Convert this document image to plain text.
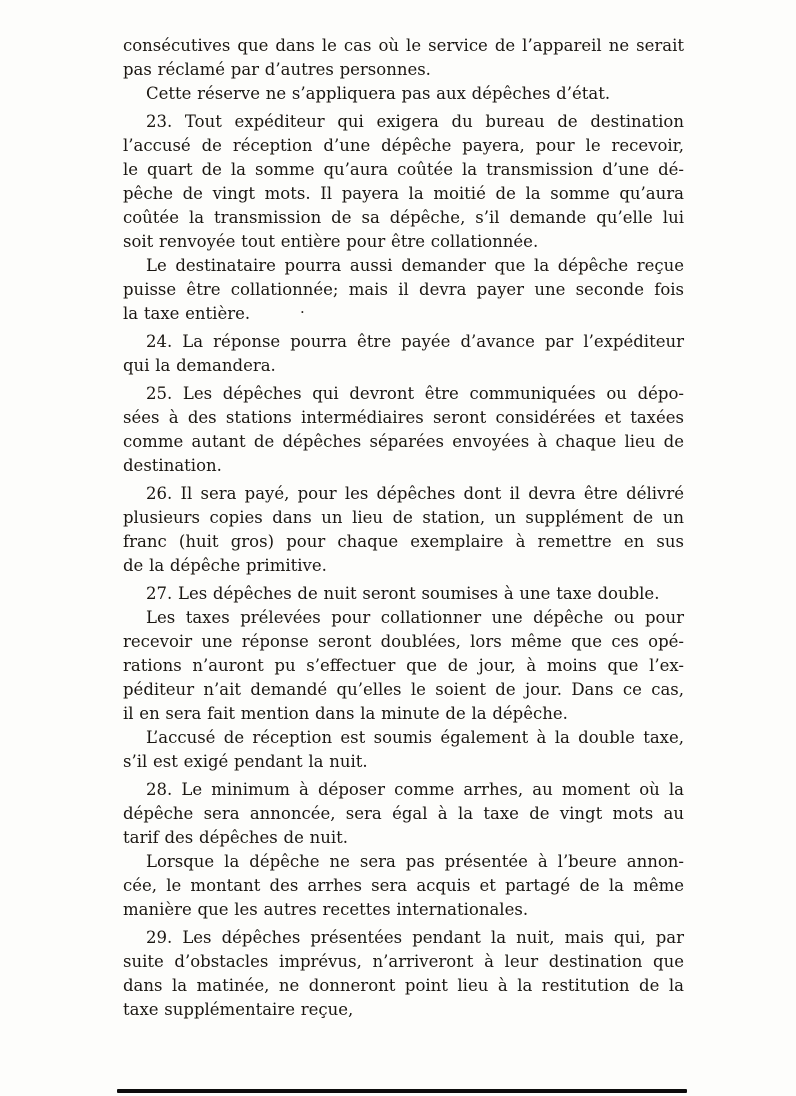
consécutives que dans le cas où le service de l’appareil ne serait
pas réclamé par d’autres personnes.
Cette réserve ne s’appliquera pas aux dépêches d’état.
23. Tout expéditeur qui exigera du bureau de destination
l’accusé de réception d’une dépêche payera, pour le recevoir,
le quart de la somme qu’aura coûtée la transmission d’une dé-
pêche de vingt mots. Il payera la moitié de la somme qu’aura
coûtée la transmission de sa dépêche, s’il demande qu’elle lui
soit renvoyée tout entière pour être collationnée.
Le destinataire pourra aussi demander que la dépêche reçue
puisse être collationnée; mais il devra payer une seconde fois
la taxe entière.
24. La réponse pourra être payée d’avance par l’expéditeur
qui la demandera.
25. Les dépêches qui devront être communiquées ou dépo-
sées à des stations intermédiaires seront considérées et taxées
comme autant de dépêches séparées envoyées à chaque lieu de
destination.
26. Il sera payé, pour les dépêches dont il devra être délivré
plusieurs copies dans un lieu de station, un supplément de un
franc (huit gros) pour chaque exemplaire à remettre en sus
de la dépêche primitive.
27. Les dépêches de nuit seront soumises à une taxe double.
Les taxes prélevées pour collationner une dépêche ou pour
recevoir une réponse seront doublées, lors même que ces opé-
rations n’auront pu s’effectuer que de jour, à moins que l’ex-
péditeur n’ait demandé qu’elles le soient de jour. Dans ce cas,
il en sera fait mention dans la minute de la dépêche.
L’accusé de réception est soumis également à la double taxe,
s’il est exigé pendant la nuit.
28. Le minimum à déposer comme arrhes, au moment où la
dépêche sera annoncée, sera égal à la taxe de vingt mots au
tarif des dépêches de nuit.
Lorsque la dépêche ne sera pas présentée à l’beure annon-
cée, le montant des arrhes sera acquis et partagé de la même
manière que les autres recettes internationales.
29. Les dépêches présentées pendant la nuit, mais qui, par
suite d’obstacles imprévus, n’arriveront à leur destination que
dans la matinée, ne donneront point lieu à la restitution de la
taxe supplémentaire reçue,
·
